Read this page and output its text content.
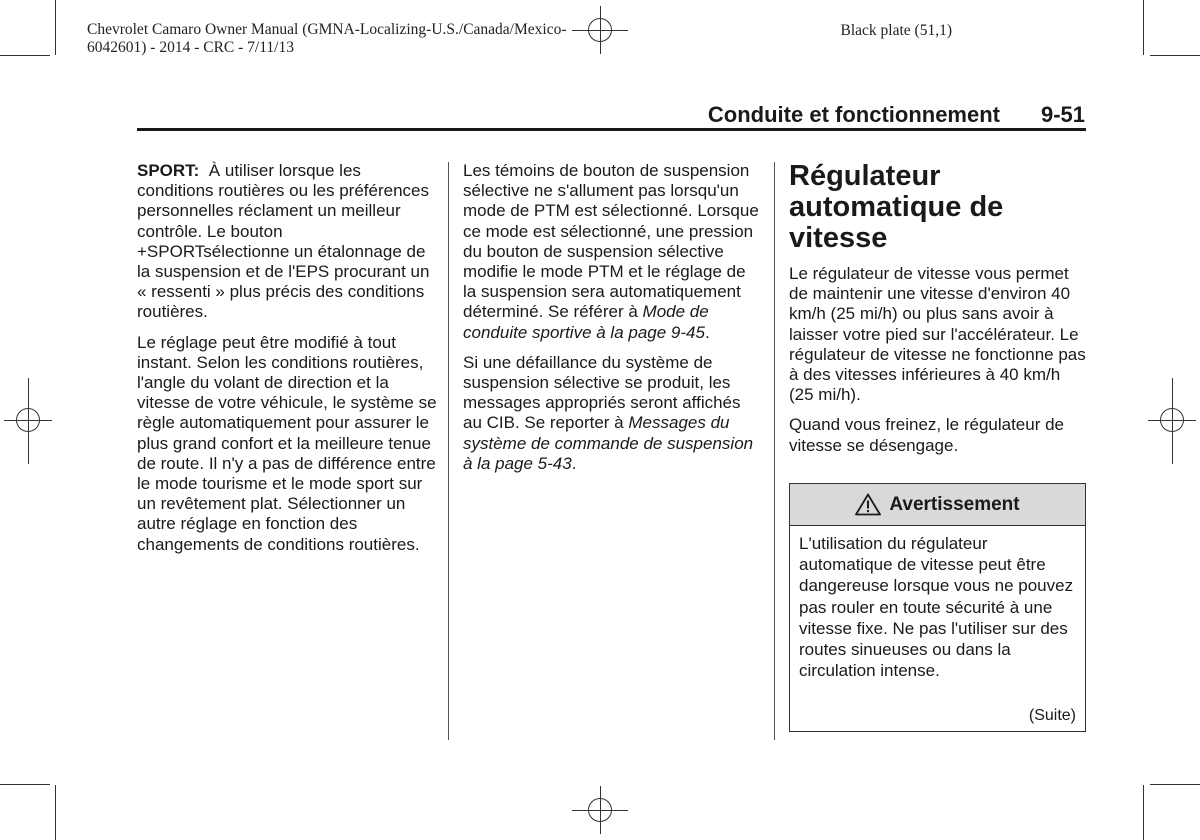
Chevrolet Camaro Owner Manual (GMNA-Localizing-U.S./Canada/Mexico-
6042601) - 2014 - CRC - 7/11/13
Black plate (51,1)
Conduite et fonctionnement 9-51

SPORT: À utiliser lorsque les conditions routières ou les préférences personnelles réclament un meilleur contrôle. Le bouton +SPORTsélectionne un étalonnage de la suspension et de l'EPS procurant un « ressenti » plus précis des conditions routières.

Le réglage peut être modifié à tout instant. Selon les conditions routières, l'angle du volant de direction et la vitesse de votre véhicule, le système se règle automatiquement pour assurer le plus grand confort et la meilleure tenue de route. Il n'y a pas de différence entre le mode tourisme et le mode sport sur un revêtement plat. Sélectionner un autre réglage en fonction des changements de conditions routières.

Les témoins de bouton de suspension sélective ne s'allument pas lorsqu'un mode de PTM est sélectionné. Lorsque ce mode est sélectionné, une pression du bouton de suspension sélective modifie le mode PTM et le réglage de la suspension sera automatiquement déterminé. Se référer à Mode de conduite sportive à la page 9-45.

Si une défaillance du système de suspension sélective se produit, les messages appropriés seront affichés au CIB. Se reporter à Messages du système de commande de suspension à la page 5-43.

Régulateur automatique de vitesse

Le régulateur de vitesse vous permet de maintenir une vitesse d'environ 40 km/h (25 mi/h) ou plus sans avoir à laisser votre pied sur l'accélérateur. Le régulateur de vitesse ne fonctionne pas à des vitesses inférieures à 40 km/h (25 mi/h).

Quand vous freinez, le régulateur de vitesse se désengage.

Avertissement
L'utilisation du régulateur automatique de vitesse peut être dangereuse lorsque vous ne pouvez pas rouler en toute sécurité à une vitesse fixe. Ne pas l'utiliser sur des routes sinueuses ou dans la circulation intense.
(Suite)
